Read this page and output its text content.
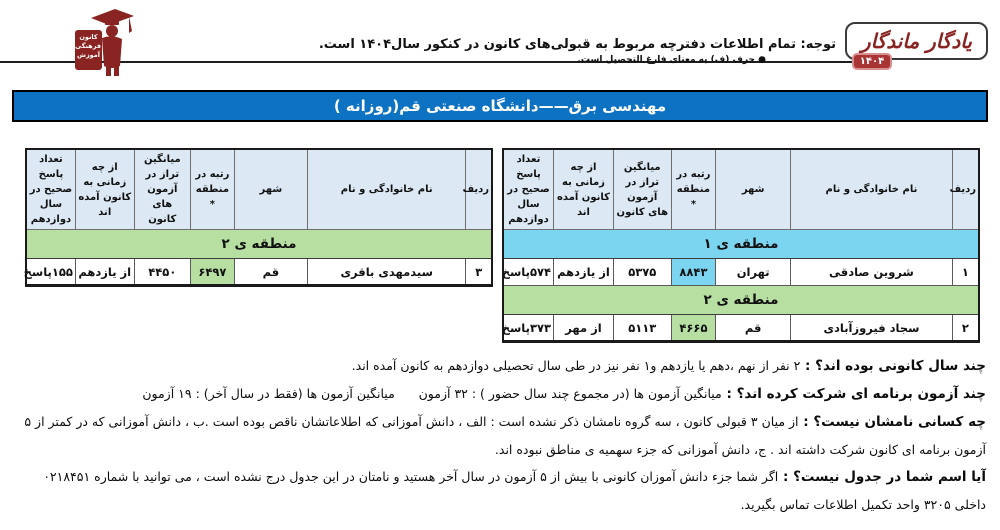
کانون فرهنگی آموزش
توجه: تمام اطلاعات دفترچه مربوط به قبولی‌های کانون در کنکور سال۱۴۰۴ است.
● حرف (ف) به معنای فارغ التحصیل است.
یادگار ماندگار
۱۴۰۴
مهندسی برق——دانشگاه صنعتی قم(روزانه )
ردیف	نام خانوادگی و نام	شهر	رتبه در منطقه *	میانگین تراز در آزمون های کانون	از چه زمانی به کانون آمده اند	تعداد پاسخ صحیح در سال دوازدهم
منطقه ی ۱						
۱	شروین صادقی	تهران	۸۸۴۳	۵۳۷۵	از یازدهم	۵۷۴پاسخ
منطقه ی ۲						
۲	سجاد فیروزآبادی	قم	۴۶۶۵	۵۱۱۳	از مهر	۳۷۳پاسخ
ردیف	نام خانوادگی و نام	شهر	رتبه در منطقه *	میانگین تراز در آزمون های کانون	از چه زمانی به کانون آمده اند	تعداد پاسخ صحیح در سال دوازدهم
منطقه ی ۲						
۳	سیدمهدی باقری	قم	۶۴۹۷	۴۴۵۰	از یازدهم	۱۵۵پاسخ

چند سال کانونی بوده اند؟ : ۲ نفر از نهم ،دهم یا یازدهم و۱ نفر نیز در طی سال تحصیلی دوازدهم به کانون آمده اند.

چند آزمون برنامه ای شرکت کرده اند؟ : میانگین آزمون ها (در مجموع چند سال حضور ) : ۳۲ آزمون      میانگین آزمون ها (فقط در سال آخر) : ۱۹ آزمون

چه کسانی نامشان نیست؟ : از میان ۳ قبولی کانون ، سه گروه نامشان ذکر نشده است : الف ، دانش آموزانی که اطلاعاتشان ناقص بوده است .ب ، دانش آموزانی که در کمتر از ۵ آزمون برنامه ای کانون شرکت داشته اند . ج، دانش آموزانی که جزء سهمیه ی مناطق نبوده اند.

آیا اسم شما در جدول نیست؟ : اگر شما جزء دانش آموزان کانونی با بیش از ۵ آزمون در سال آخر هستید و نامتان در این جدول درج نشده است ، می توانید با شماره ۰۲۱۸۴۵۱ داخلی ۳۲۰۵ واحد تکمیل اطلاعات تماس بگیرید.
